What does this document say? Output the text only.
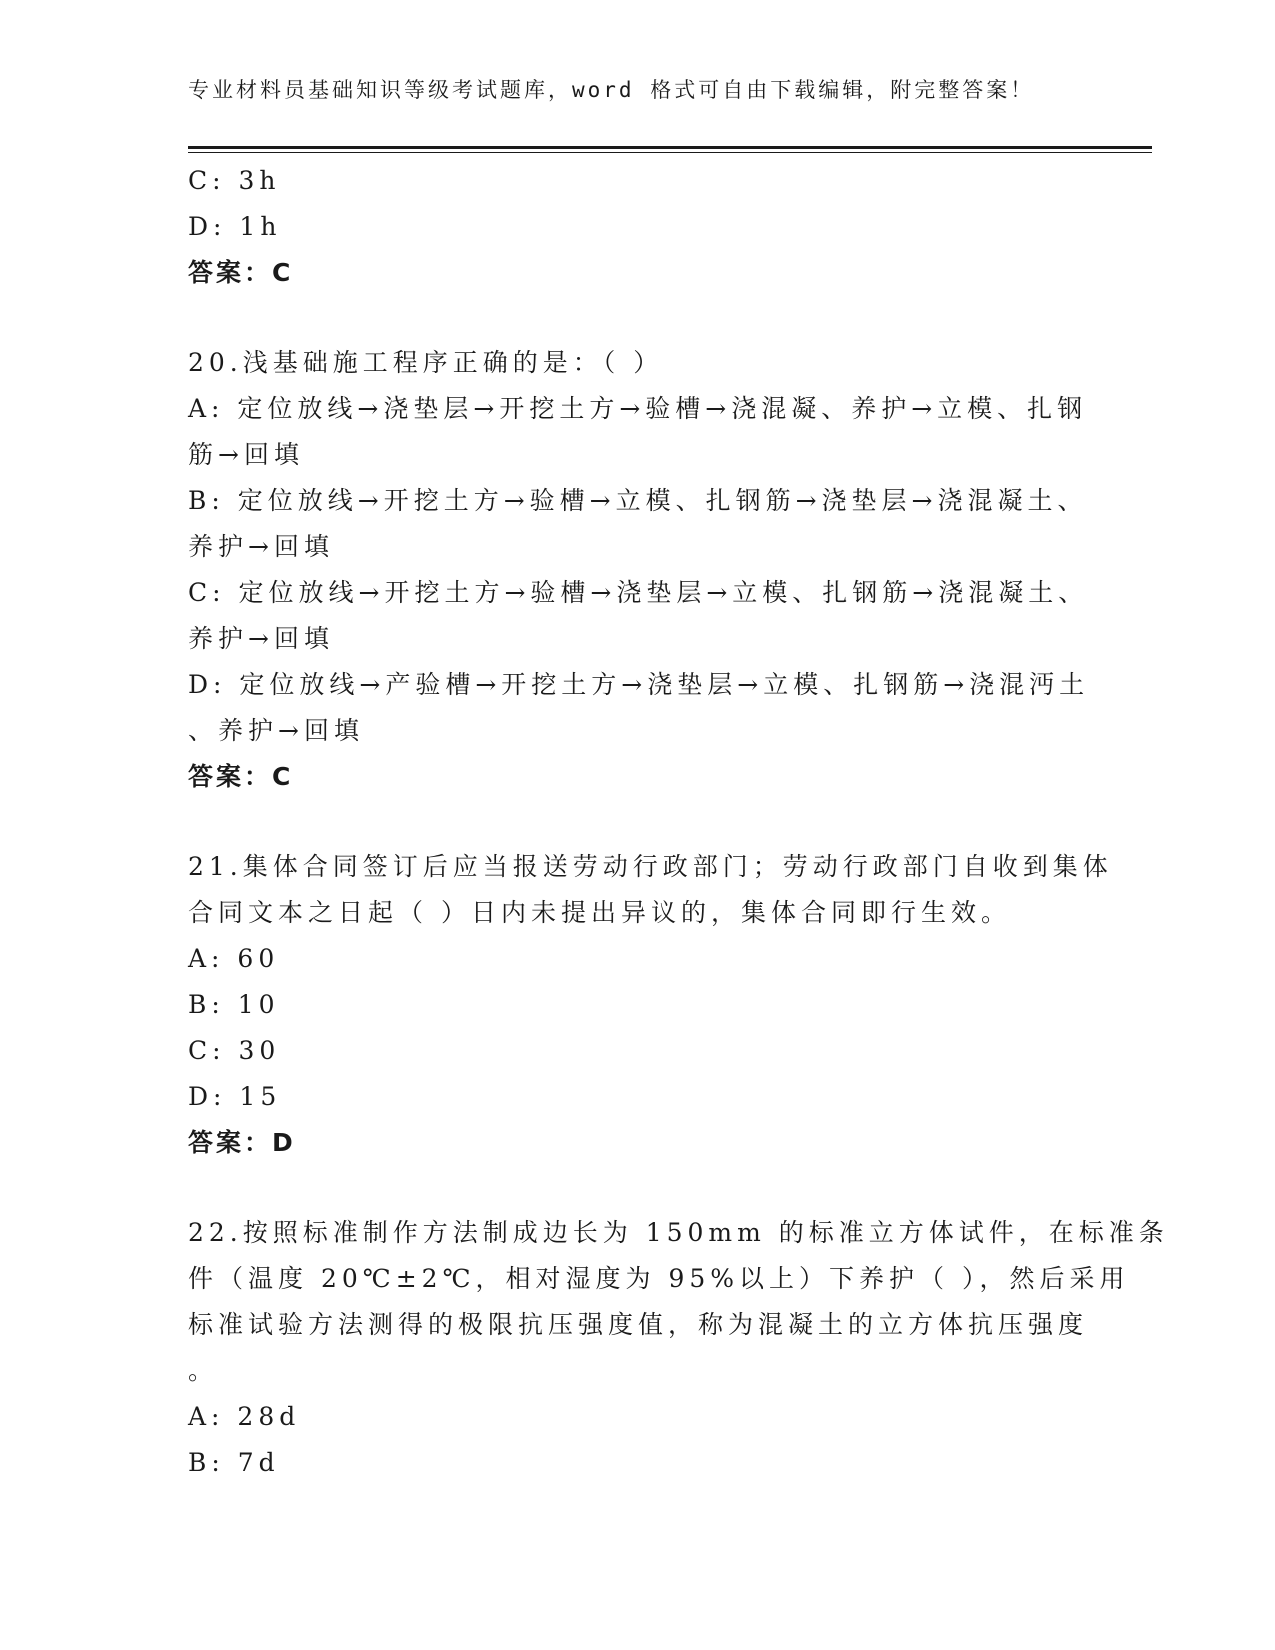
专业材料员基础知识等级考试题库，word 格式可自由下载编辑，附完整答案！
C: 3h
D: 1h
答案：C
20.浅基础施工程序正确的是：（ ）
A: 定位放线→浇垫层→开挖土方→验槽→浇混凝、养护→立模、扎钢
筋→回填
B: 定位放线→开挖土方→验槽→立模、扎钢筋→浇垫层→浇混凝土、
养护→回填
C: 定位放线→开挖土方→验槽→浇垫层→立模、扎钢筋→浇混凝土、
养护→回填
D: 定位放线→产验槽→开挖土方→浇垫层→立模、扎钢筋→浇混沔土
、养护→回填
答案：C
21.集体合同签订后应当报送劳动行政部门；劳动行政部门自收到集体
合同文本之日起（ ）日内未提出异议的，集体合同即行生效。
A: 60
B: 10
C: 30
D: 15
答案：D
22.按照标准制作方法制成边长为 150mm 的标准立方体试件，在标准条
件（温度 20℃±2℃，相对湿度为 95%以上）下养护（ ），然后采用
标准试验方法测得的极限抗压强度值，称为混凝土的立方体抗压强度
。
A: 28d
B: 7d
